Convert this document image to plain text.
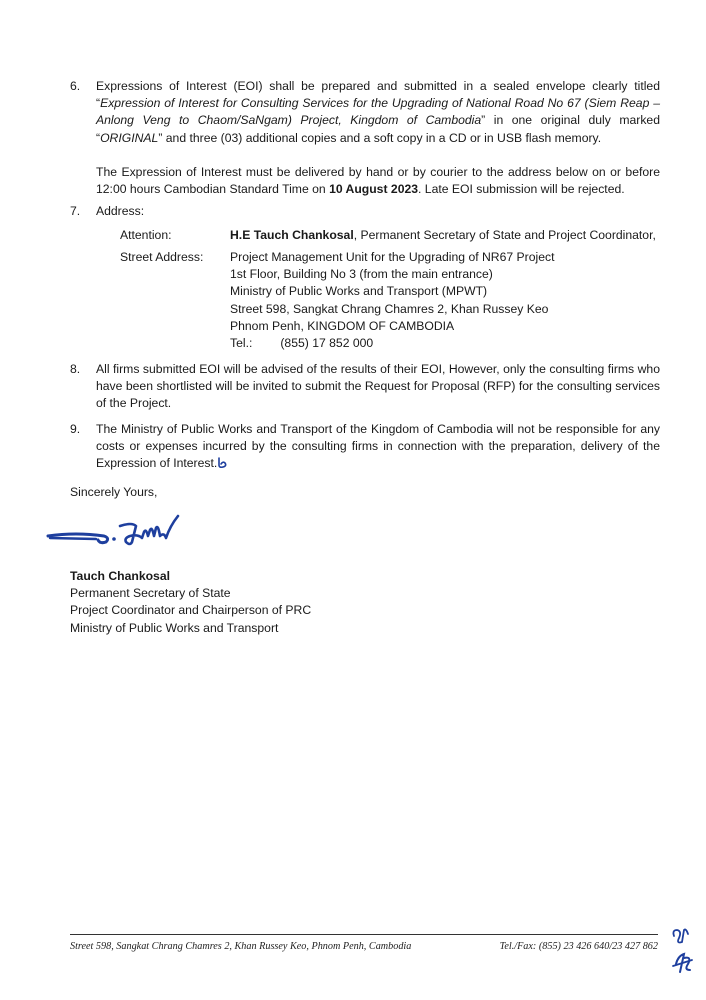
6.	Expressions of Interest (EOI) shall be prepared and submitted in a sealed envelope clearly titled “Expression of Interest for Consulting Services for the Upgrading of National Road No 67 (Siem Reap – Anlong Veng to Chaom/SaNgam) Project, Kingdom of Cambodia” in one original duly marked “ORIGINAL” and three (03) additional copies and a soft copy in a CD or in USB flash memory.

The Expression of Interest must be delivered by hand or by courier to the address below on or before 12:00 hours Cambodian Standard Time on 10 August 2023. Late EOI submission will be rejected.

7.	Address:
Attention:	H.E Tauch Chankosal, Permanent Secretary of State and Project Coordinator,
Street Address:	Project Management Unit for the Upgrading of NR67 Project
1st Floor, Building No 3 (from the main entrance)
Ministry of Public Works and Transport (MPWT)
Street 598, Sangkat Chrang Chamres 2, Khan Russey Keo
Phnom Penh, KINGDOM OF CAMBODIA
Tel.: (855) 17 852 000
8.	All firms submitted EOI will be advised of the results of their EOI, However, only the consulting firms who have been shortlisted will be invited to submit the Request for Proposal (RFP) for the consulting services of the Project.
9.	The Ministry of Public Works and Transport of the Kingdom of Cambodia will not be responsible for any costs or expenses incurred by the consulting firms in connection with the preparation, delivery of the Expression of Interest.
Sincerely Yours,
Tauch Chankosal
Permanent Secretary of State
Project Coordinator and Chairperson of PRC
Ministry of Public Works and Transport
Street 598, Sangkat Chrang Chamres 2, Khan Russey Keo, Phnom Penh, Cambodia	Tel./Fax: (855) 23 426 640/23 427 862
